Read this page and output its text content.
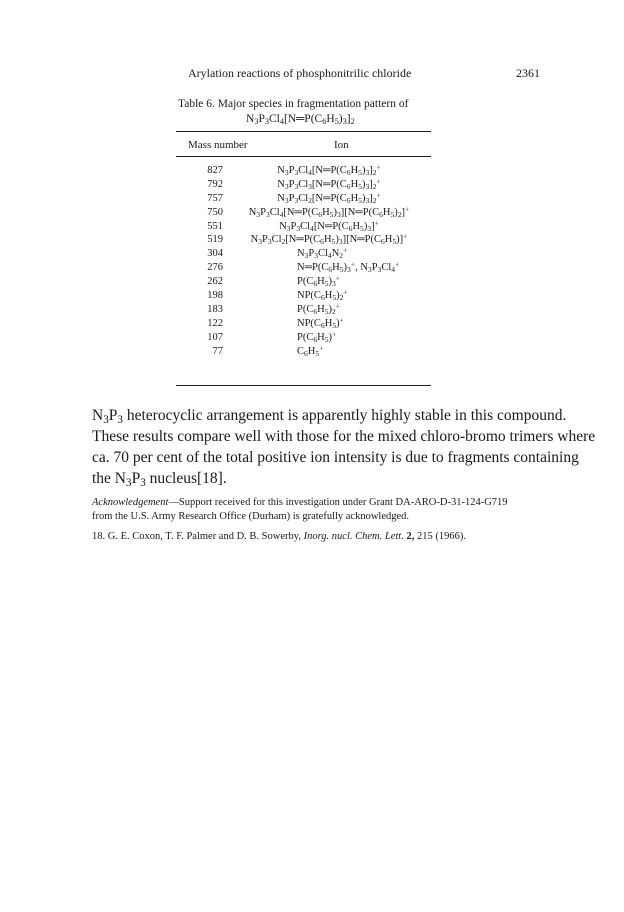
Arylation reactions of phosphonitrilic chloride	2361
Table 6. Major species in fragmentation pattern of
$N_3P_3Cl_4[N═P(C_6H_5)_3]_2$
Mass number	Ion
827	$N_3P_3Cl_4[N═P(C_6H_5)_3]_2^+$
792	$N_3P_3Cl_3[N═P(C_6H_5)_3]_2^+$
757	$N_3P_3Cl_2[N═P(C_6H_5)_3]_2^+$
750	$N_3P_3Cl_4[N═P(C_6H_5)_3][N═P(C_6H_5)_2]^+$
551	$N_3P_3Cl_4[N═P(C_6H_5)_3]^+$
519	$N_3P_3Cl_2[N═P(C_6H_5)_3][N═P(C_6H_5)]^+$
304	$N_3P_3Cl_4N_2^+$
276	$N═P(C_6H_5)_3^+$, $N_3P_3Cl_4^+$
262	$P(C_6H_5)_3^+$
198	$NP(C_6H_5)_2^+$
183	$P(C_6H_5)_2^+$
122	$NP(C_6H_5)^+$
107	$P(C_6H_5)^+$
77	$C_6H_5^+$
$N_3P_3$ heterocyclic arrangement is apparently highly stable in this compound.
These results compare well with those for the mixed chloro-bromo trimers where
ca. 70 per cent of the total positive ion intensity is due to fragments containing
the $N_3P_3$ nucleus[18].
Acknowledgement—Support received for this investigation under Grant DA-ARO-D-31-124-G719
from the U.S. Army Research Office (Durham) is gratefully acknowledged.
18. G. E. Coxon, T. F. Palmer and D. B. Sowerby, Inorg. nucl. Chem. Lett. 2, 215 (1966).
